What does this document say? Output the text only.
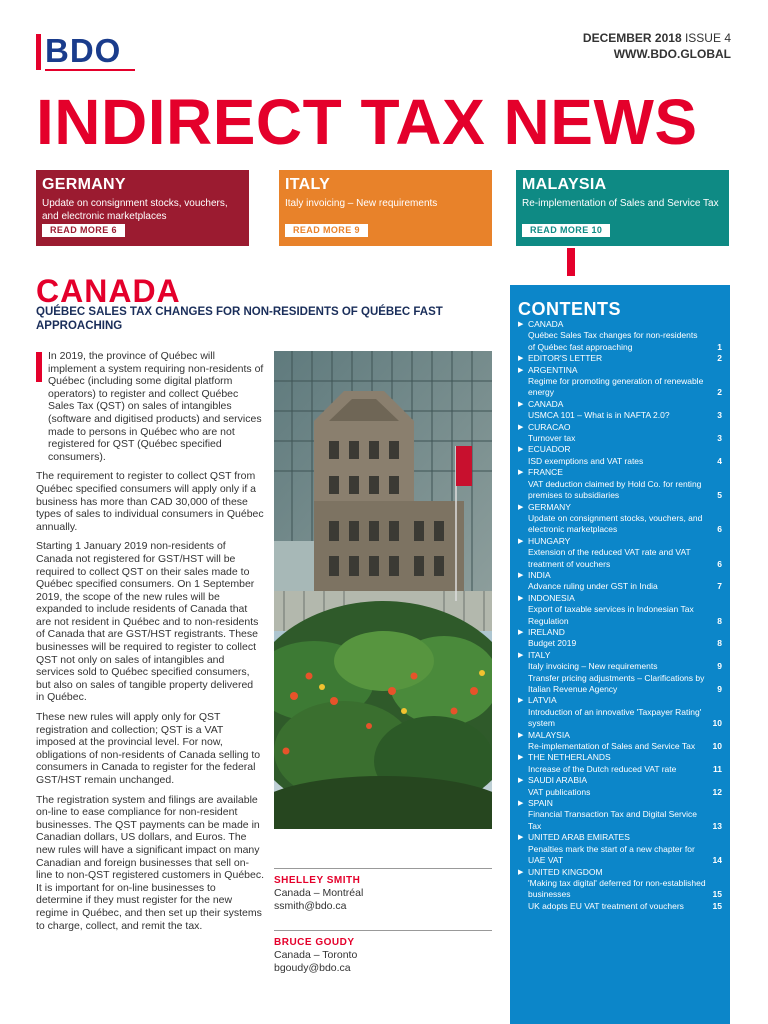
BDO	DECEMBER 2018 ISSUE 4
WWW.BDO.GLOBAL
INDIRECT TAX NEWS
GERMANY
Update on consignment stocks, vouchers, and electronic marketplaces
READ MORE 6
ITALY
Italy invoicing – New requirements
READ MORE 9
MALAYSIA
Re-implementation of Sales and Service Tax
READ MORE 10
CANADA
QUÉBEC SALES TAX CHANGES FOR NON-RESIDENTS OF QUÉBEC FAST APPROACHING

In 2019, the province of Québec will implement a system requiring non-residents of Québec (including some digital platform operators) to register and collect Québec Sales Tax (QST) on sales of intangibles (software and digitised products) and services made to persons in Québec who are not registered for QST (Québec specified consumers).

The requirement to register to collect QST from Québec specified consumers will apply only if a business has more than CAD 30,000 of these types of sales to individual consumers in Québec annually.

Starting 1 January 2019 non-residents of Canada not registered for GST/HST will be required to collect QST on their sales made to Québec specified consumers. On 1 September 2019, the scope of the new rules will be expanded to include residents of Canada that are not resident in Québec and to non-residents of Canada that are GST/HST registrants. These businesses will be required to register to collect QST not only on sales of intangibles and services sold to Québec specified consumers, but also on sales of tangible property delivered in Québec.

These new rules will apply only for QST registration and collection; QST is a VAT imposed at the provincial level. For now, obligations of non-residents of Canada selling to consumers in Canada to register for the federal GST/HST remain unchanged.

The registration system and filings are available on-line to ease compliance for non-resident businesses. The QST payments can be made in Canadian dollars, US dollars, and Euros. The new rules will have a significant impact on many Canadian and foreign businesses that sell on-line to non-QST registered customers in Québec. It is important for on-line businesses to determine if they must register for the new regime in Québec, and then set up their systems to charge, collect, and remit the tax.

SHELLEY SMITH
Canada – Montréal
ssmith@bdo.ca
BRUCE GOUDY
Canada – Toronto
bgoudy@bdo.ca
CONTENTS
▶ CANADA
Québec Sales Tax changes for non-residents of Québec fast approaching	1
▶ EDITOR'S LETTER	2
▶ ARGENTINA
Regime for promoting generation of renewable energy	2
▶ CANADA
USMCA 101 – What is in NAFTA 2.0?	3
▶ CURACAO
Turnover tax	3
▶ ECUADOR
ISD exemptions and VAT rates	4
▶ FRANCE
VAT deduction claimed by Hold Co. for renting premises to subsidiaries	5
▶ GERMANY
Update on consignment stocks, vouchers, and electronic marketplaces	6
▶ HUNGARY
Extension of the reduced VAT rate and VAT treatment of vouchers	6
▶ INDIA
Advance ruling under GST in India	7
▶ INDONESIA
Export of taxable services in Indonesian Tax Regulation	8
▶ IRELAND
Budget 2019	8
▶ ITALY
Italy invoicing – New requirements	9
Transfer pricing adjustments – Clarifications by Italian Revenue Agency	9
▶ LATVIA
Introduction of an innovative 'Taxpayer Rating' system	10
▶ MALAYSIA
Re-implementation of Sales and Service Tax	10
▶ THE NETHERLANDS
Increase of the Dutch reduced VAT rate	11
▶ SAUDI ARABIA
VAT publications	12
▶ SPAIN
Financial Transaction Tax and Digital Service Tax	13
▶ UNITED ARAB EMIRATES
Penalties mark the start of a new chapter for UAE VAT	14
▶ UNITED KINGDOM
'Making tax digital' deferred for non-established businesses	15
UK adopts EU VAT treatment of vouchers	15
